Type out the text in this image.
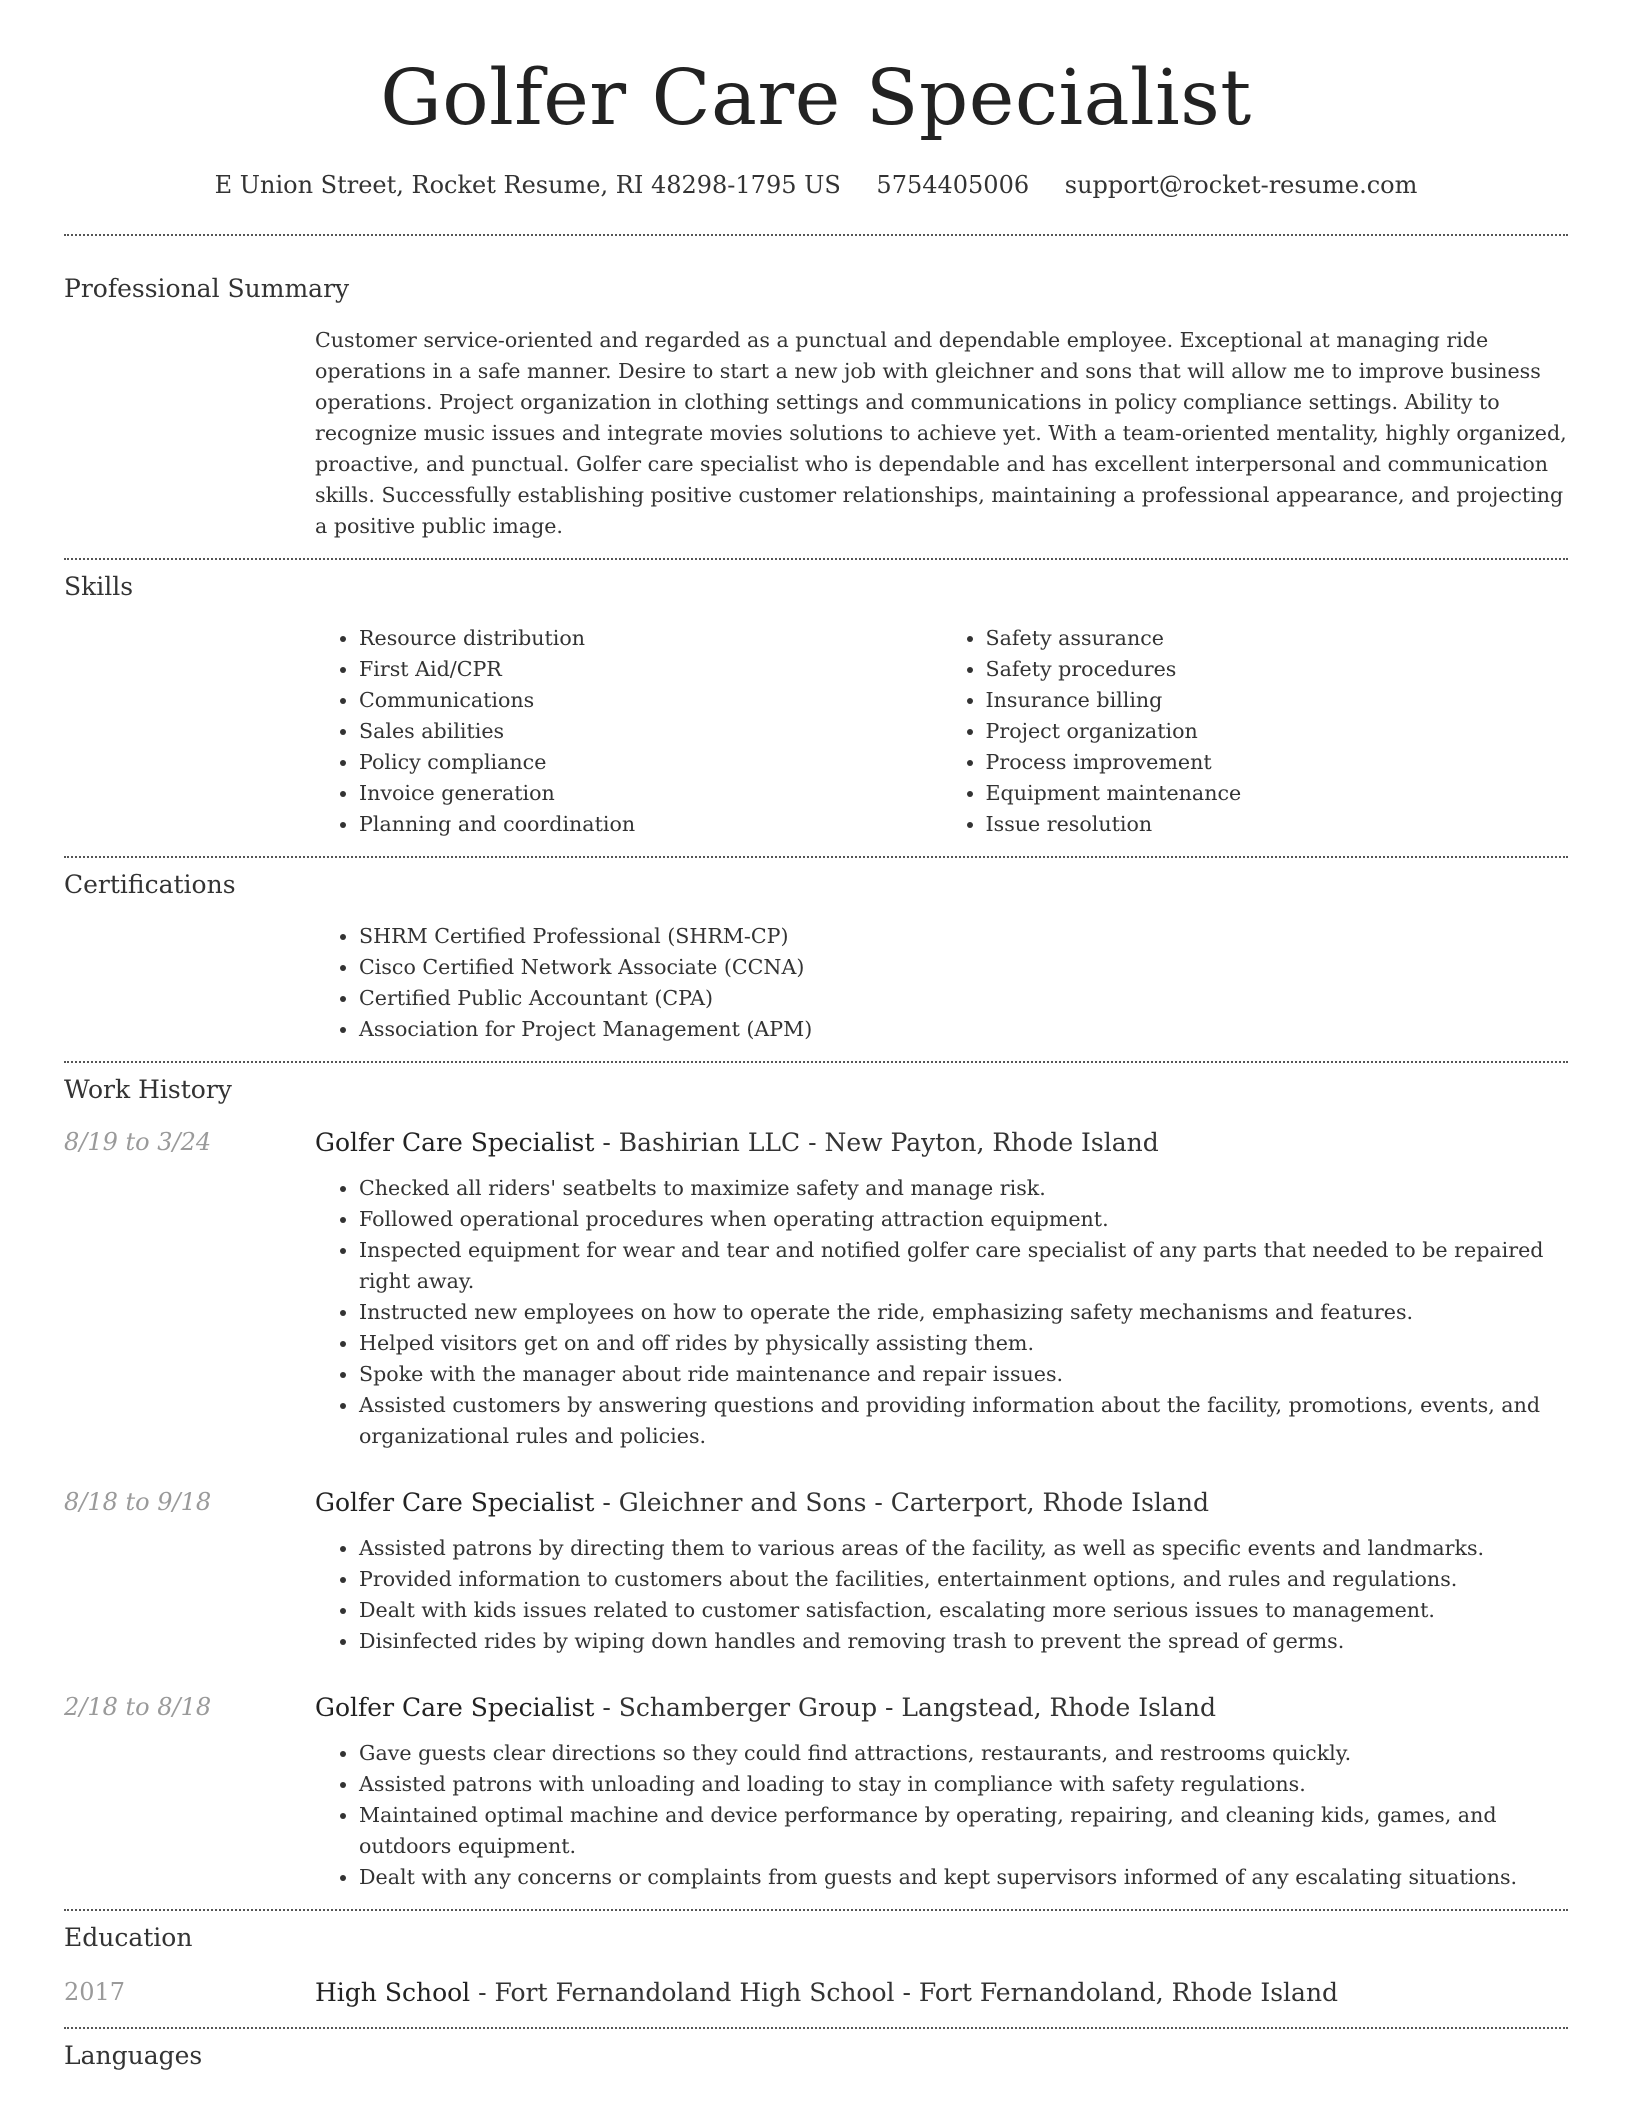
Golfer Care Specialist
E Union Street, Rocket Resume, RI 48298-1795 US 5754405006 support@rocket-resume.com
Professional Summary
Customer service-oriented and regarded as a punctual and dependable employee. Exceptional at managing ride operations in a safe manner. Desire to start a new job with gleichner and sons that will allow me to improve business operations. Project organization in clothing settings and communications in policy compliance settings. Ability to recognize music issues and integrate movies solutions to achieve yet. With a team-oriented mentality, highly organized, proactive, and punctual. Golfer care specialist who is dependable and has excellent interpersonal and communication skills. Successfully establishing positive customer relationships, maintaining a professional appearance, and projecting a positive public image.
Skills
• Resource distribution
• First Aid/CPR
• Communications
• Sales abilities
• Policy compliance
• Invoice generation
• Planning and coordination
• Safety assurance
• Safety procedures
• Insurance billing
• Project organization
• Process improvement
• Equipment maintenance
• Issue resolution
Certifications
• SHRM Certified Professional (SHRM-CP)
• Cisco Certified Network Associate (CCNA)
• Certified Public Accountant (CPA)
• Association for Project Management (APM)
Work History
8/19 to 3/24	Golfer Care Specialist - Bashirian LLC - New Payton, Rhode Island
• Checked all riders' seatbelts to maximize safety and manage risk.
• Followed operational procedures when operating attraction equipment.
• Inspected equipment for wear and tear and notified golfer care specialist of any parts that needed to be repaired right away.
• Instructed new employees on how to operate the ride, emphasizing safety mechanisms and features.
• Helped visitors get on and off rides by physically assisting them.
• Spoke with the manager about ride maintenance and repair issues.
• Assisted customers by answering questions and providing information about the facility, promotions, events, and organizational rules and policies.
8/18 to 9/18	Golfer Care Specialist - Gleichner and Sons - Carterport, Rhode Island
• Assisted patrons by directing them to various areas of the facility, as well as specific events and landmarks.
• Provided information to customers about the facilities, entertainment options, and rules and regulations.
• Dealt with kids issues related to customer satisfaction, escalating more serious issues to management.
• Disinfected rides by wiping down handles and removing trash to prevent the spread of germs.
2/18 to 8/18	Golfer Care Specialist - Schamberger Group - Langstead, Rhode Island
• Gave guests clear directions so they could find attractions, restaurants, and restrooms quickly.
• Assisted patrons with unloading and loading to stay in compliance with safety regulations.
• Maintained optimal machine and device performance by operating, repairing, and cleaning kids, games, and outdoors equipment.
• Dealt with any concerns or complaints from guests and kept supervisors informed of any escalating situations.
Education
2017	High School - Fort Fernandoland High School - Fort Fernandoland, Rhode Island
Languages
